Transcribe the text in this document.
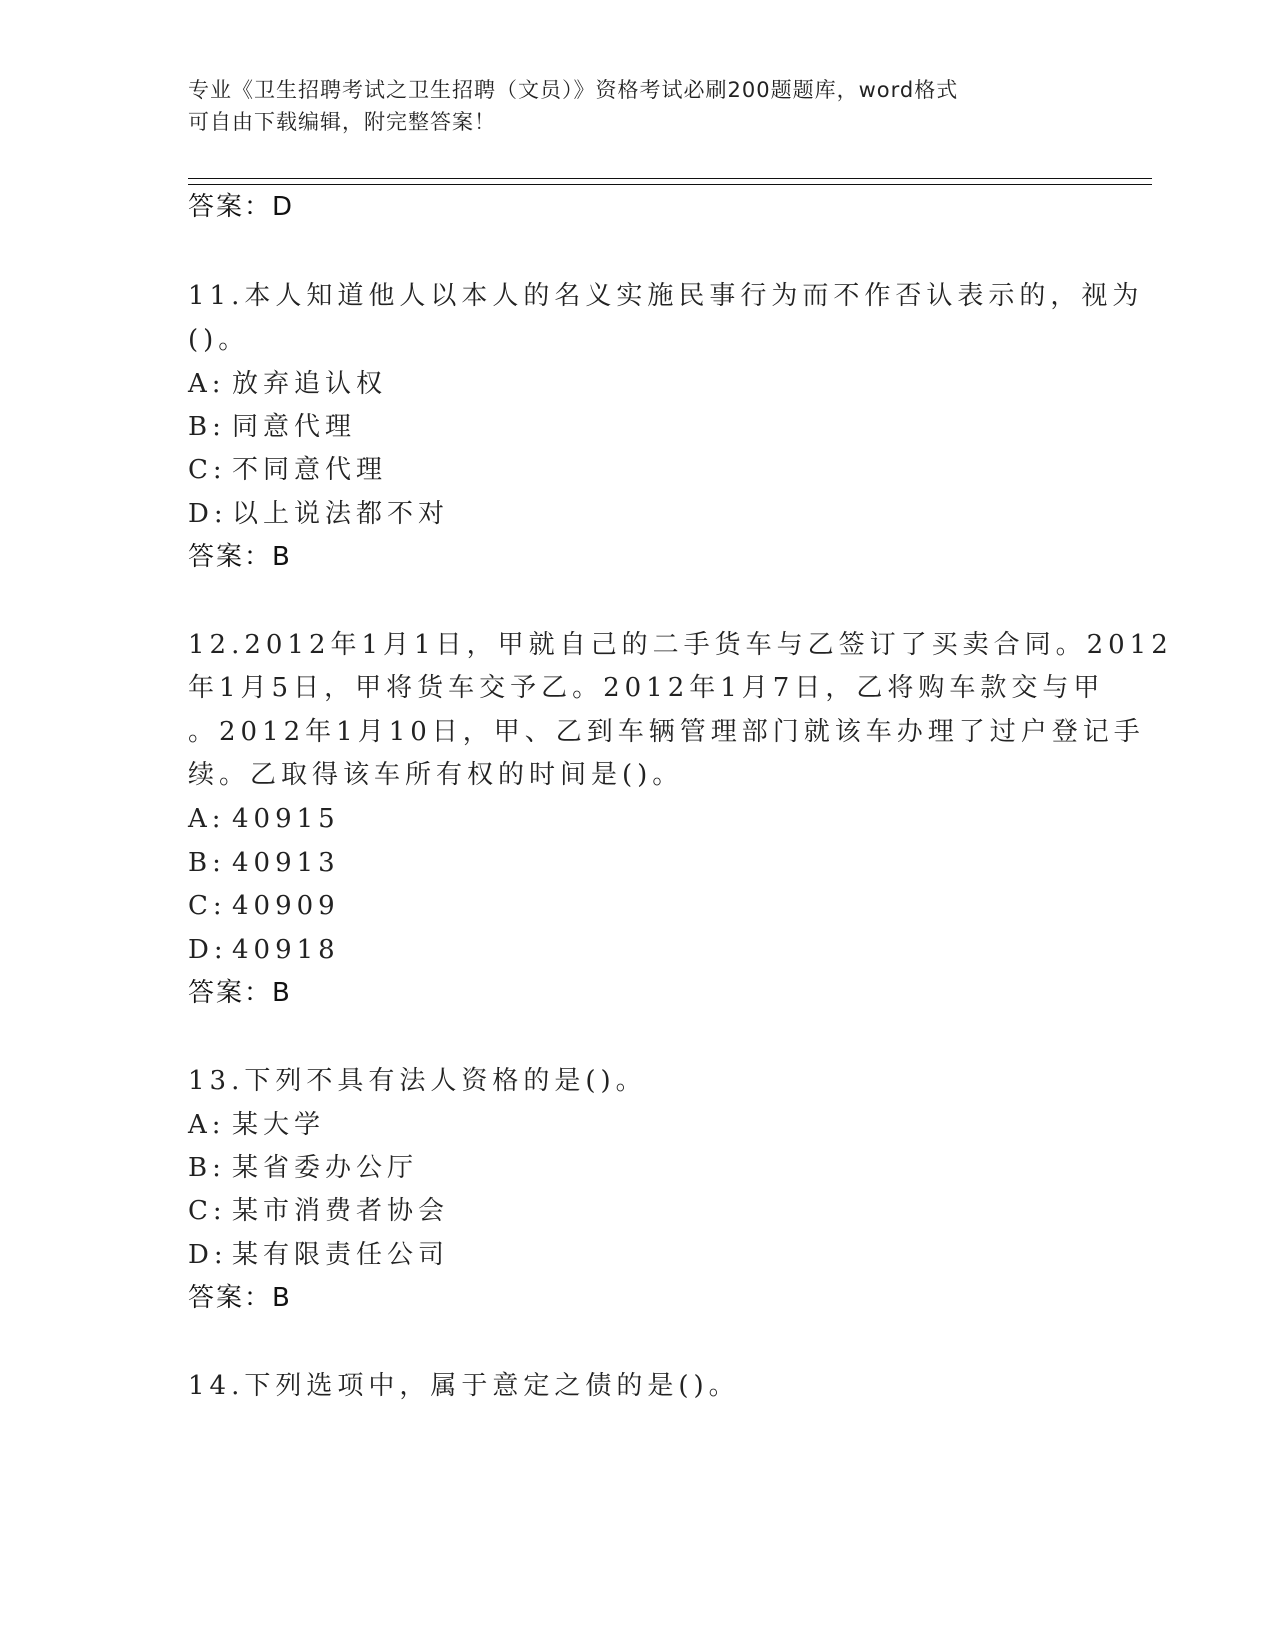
专业《卫生招聘考试之卫生招聘（文员）》资格考试必刷200题题库，word格式
可自由下载编辑，附完整答案！
答案：D
11.本人知道他人以本人的名义实施民事行为而不作否认表示的，视为
()。
A: 放弃追认权
B: 同意代理
C: 不同意代理
D: 以上说法都不对
答案：B
12.2012年1月1日，甲就自己的二手货车与乙签订了买卖合同。2012
年1月5日，甲将货车交予乙。2012年1月7日，乙将购车款交与甲
。2012年1月10日，甲、乙到车辆管理部门就该车办理了过户登记手
续。乙取得该车所有权的时间是()。
A: 40915
B: 40913
C: 40909
D: 40918
答案：B
13.下列不具有法人资格的是()。
A: 某大学
B: 某省委办公厅
C: 某市消费者协会
D: 某有限责任公司
答案：B
14.下列选项中，属于意定之债的是()。
